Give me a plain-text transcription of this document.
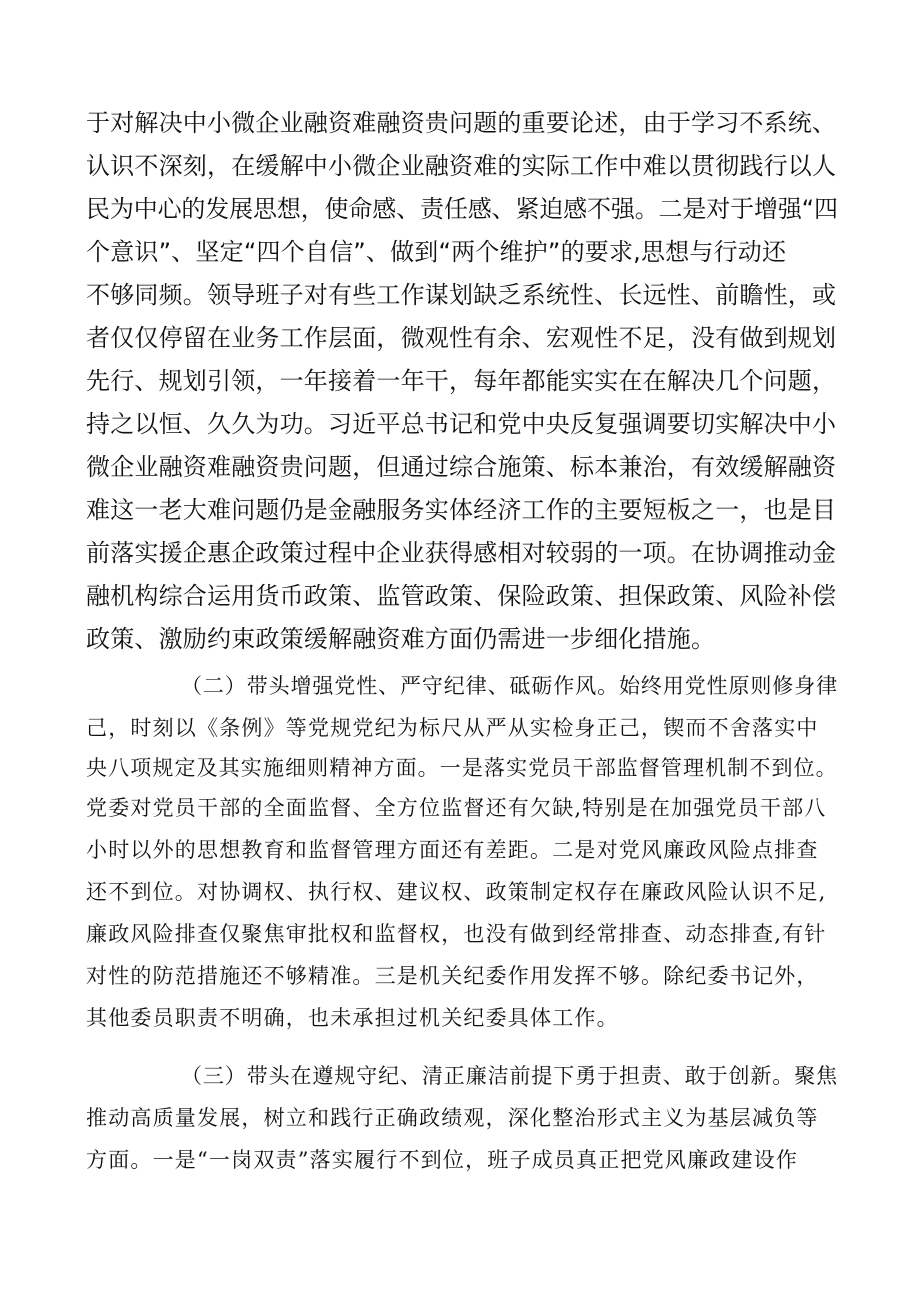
于对解决中小微企业融资难融资贵问题的重要论述，由于学习不系统、

认识不深刻，在缓解中小微企业融资难的实际工作中难以贯彻践行以人

民为中心的发展思想，使命感、责任感、紧迫感不强。二是对于增强“四

个意识”、坚定“四个自信”、做到“两个维护”的要求,思想与行动还

不够同频。领导班子对有些工作谋划缺乏系统性、长远性、前瞻性，或

者仅仅停留在业务工作层面，微观性有余、宏观性不足，没有做到规划

先行、规划引领，一年接着一年干，每年都能实实在在解决几个问题，

持之以恒、久久为功。习近平总书记和党中央反复强调要切实解决中小

微企业融资难融资贵问题，但通过综合施策、标本兼治，有效缓解融资

难这一老大难问题仍是金融服务实体经济工作的主要短板之一，也是目

前落实援企惠企政策过程中企业获得感相对较弱的一项。在协调推动金

融机构综合运用货币政策、监管政策、保险政策、担保政策、风险补偿

政策、激励约束政策缓解融资难方面仍需进一步细化措施。

（二）带头增强党性、严守纪律、砥砺作风。始终用党性原则修身律

己，时刻以《条例》等党规党纪为标尺从严从实检身正己，锲而不舍落实中

央八项规定及其实施细则精神方面。一是落实党员干部监督管理机制不到位。

党委对党员干部的全面监督、全方位监督还有欠缺,特别是在加强党员干部八

小时以外的思想教育和监督管理方面还有差距。二是对党风廉政风险点排查

还不到位。对协调权、执行权、建议权、政策制定权存在廉政风险认识不足,

廉政风险排查仅聚焦审批权和监督权，也没有做到经常排查、动态排查,有针

对性的防范措施还不够精准。三是机关纪委作用发挥不够。除纪委书记外，

其他委员职责不明确，也未承担过机关纪委具体工作。

（三）带头在遵规守纪、清正廉洁前提下勇于担责、敢于创新。聚焦

推动高质量发展，树立和践行正确政绩观，深化整治形式主义为基层减负等

方面。一是“一岗双责”落实履行不到位，班子成员真正把党风廉政建设作
